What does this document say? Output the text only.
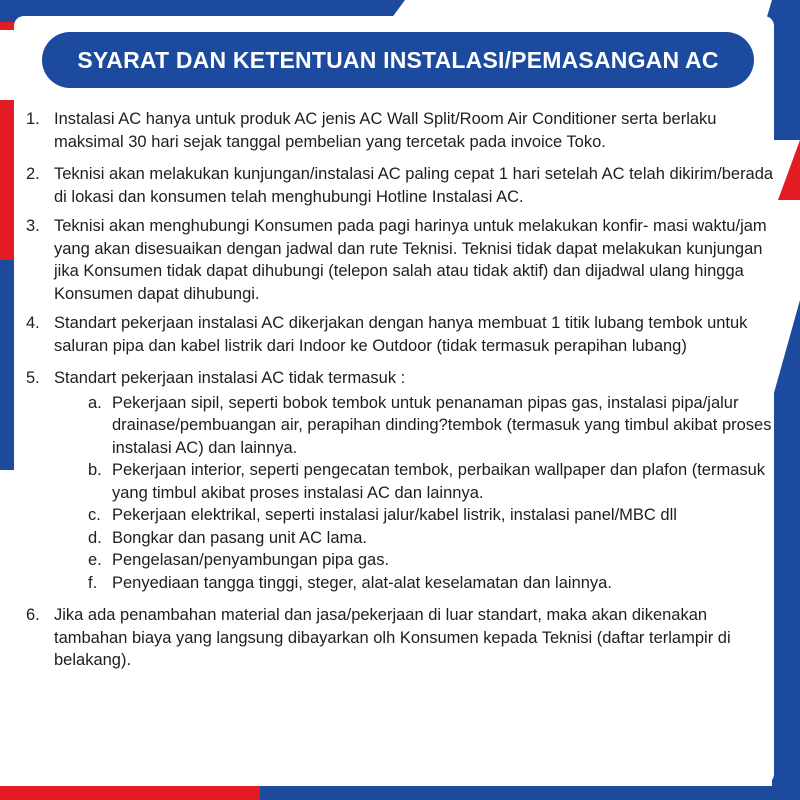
SYARAT DAN KETENTUAN INSTALASI/PEMASANGAN AC
1. Instalasi AC hanya untuk produk AC jenis AC Wall Split/Room Air Conditioner serta berlaku maksimal 30 hari sejak tanggal pembelian yang tercetak pada invoice Toko.
2. Teknisi akan melakukan kunjungan/instalasi AC paling cepat 1 hari setelah AC telah dikirim/berada di lokasi dan konsumen telah menghubungi Hotline Instalasi AC.
3. Teknisi akan menghubungi Konsumen pada pagi harinya untuk melakukan konfir- masi waktu/jam yang akan disesuaikan dengan jadwal dan rute Teknisi. Teknisi tidak dapat melakukan kunjungan jika Konsumen tidak dapat dihubungi (telepon salah atau tidak aktif) dan dijadwal ulang hingga Konsumen dapat dihubungi.
4. Standart pekerjaan instalasi AC dikerjakan dengan hanya membuat 1 titik lubang tembok untuk saluran pipa dan kabel listrik dari Indoor ke Outdoor (tidak termasuk perapihan lubang)
5. Standart pekerjaan instalasi AC tidak termasuk :
a. Pekerjaan sipil, seperti bobok tembok untuk penanaman pipas gas, instalasi pipa/jalur drainase/pembuangan air, perapihan dinding?tembok (termasuk yang timbul akibat proses instalasi AC) dan lainnya.
b. Pekerjaan interior, seperti pengecatan tembok, perbaikan wallpaper dan plafon (termasuk yang timbul akibat proses instalasi AC dan lainnya.
c. Pekerjaan elektrikal, seperti instalasi jalur/kabel listrik, instalasi panel/MBC dll
d. Bongkar dan pasang unit AC lama.
e. Pengelasan/penyambungan pipa gas.
f. Penyediaan tangga tinggi, steger, alat-alat keselamatan dan lainnya.
6. Jika ada penambahan material dan jasa/pekerjaan di luar standart, maka akan dikenakan tambahan biaya yang langsung dibayarkan olh Konsumen kepada Teknisi (daftar terlampir di belakang).
